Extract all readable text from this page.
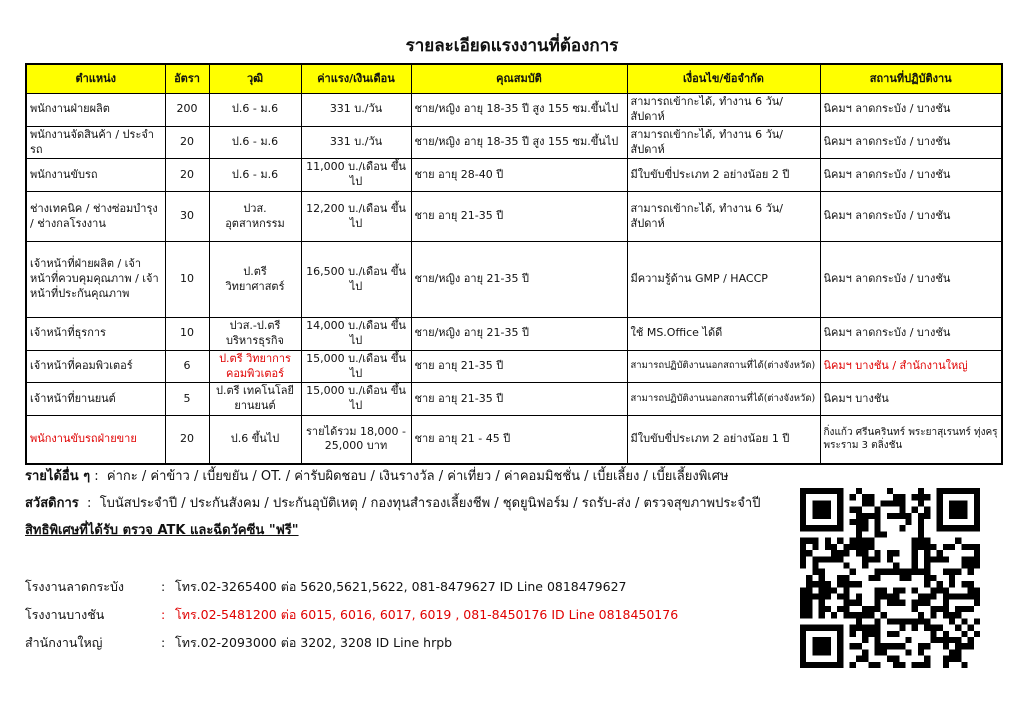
รายละเอียดแรงงานที่ต้องการ
ตำแหน่ง	อัตรา	วุฒิ	ค่าแรง/เงินเดือน	คุณสมบัติ	เงื่อนไข/ข้อจำกัด	สถานที่ปฏิบัติงาน
พนักงานฝ่ายผลิต	200	ป.6 - ม.6	331 บ./วัน	ชาย/หญิง อายุ 18-35 ปี สูง 155 ซม.ขึ้นไป	สามารถเข้ากะได้, ทำงาน 6 วัน/สัปดาห์	นิคมฯ ลาดกระบัง / บางชัน
พนักงานจัดสินค้า / ประจำรถ	20	ป.6 - ม.6	331 บ./วัน	ชาย/หญิง อายุ 18-35 ปี สูง 155 ซม.ขึ้นไป	สามารถเข้ากะได้, ทำงาน 6 วัน/สัปดาห์	นิคมฯ ลาดกระบัง / บางชัน
พนักงานขับรถ	20	ป.6 - ม.6	11,000 บ./เดือน ขึ้นไป	ชาย อายุ 28-40 ปี	มีใบขับขี่ประเภท 2 อย่างน้อย 2 ปี	นิคมฯ ลาดกระบัง / บางชัน
ช่างเทคนิค / ช่างซ่อมบำรุง / ช่างกลโรงงาน	30	ปวส. อุตสาหกรรม	12,200 บ./เดือน ขึ้นไป	ชาย อายุ 21-35 ปี	สามารถเข้ากะได้, ทำงาน 6 วัน/สัปดาห์	นิคมฯ ลาดกระบัง / บางชัน
เจ้าหน้าที่ฝ่ายผลิต / เจ้าหน้าที่ควบคุมคุณภาพ / เจ้าหน้าที่ประกันคุณภาพ	10	ป.ตรี วิทยาศาสตร์	16,500 บ./เดือน ขึ้นไป	ชาย/หญิง อายุ 21-35 ปี	มีความรู้ด้าน GMP / HACCP	นิคมฯ ลาดกระบัง / บางชัน
เจ้าหน้าที่ธุรการ	10	ปวส.-ป.ตรี บริหารธุรกิจ	14,000 บ./เดือน ขึ้นไป	ชาย/หญิง อายุ 21-35 ปี	ใช้ MS.Office ได้ดี	นิคมฯ ลาดกระบัง / บางชัน
เจ้าหน้าที่คอมพิวเตอร์	6	ป.ตรี วิทยาการคอมพิวเตอร์	15,000 บ./เดือน ขึ้นไป	ชาย อายุ 21-35 ปี	สามารถปฏิบัติงานนอกสถานที่ได้(ต่างจังหวัด)	นิคมฯ บางชัน / สำนักงานใหญ่
เจ้าหน้าที่ยานยนต์	5	ป.ตรี เทคโนโลยียานยนต์	15,000 บ./เดือน ขึ้นไป	ชาย อายุ 21-35 ปี	สามารถปฏิบัติงานนอกสถานที่ได้(ต่างจังหวัด)	นิคมฯ บางชัน
พนักงานขับรถฝ่ายขาย	20	ป.6 ขึ้นไป	รายได้รวม 18,000 - 25,000 บาท	ชาย อายุ 21 - 45 ปี	มีใบขับขี่ประเภท 2 อย่างน้อย 1 ปี	กิ่งแก้ว ศรีนครินทร์ พระยาสุเรนทร์ ทุ่งครุ พระราม 3 ตลิ่งชัน
รายได้อื่น ๆ :  ค่ากะ / ค่าข้าว / เบี้ยขยัน / OT. / ค่ารับผิดชอบ / เงินรางวัล / ค่าเที่ยว / ค่าคอมมิชชั่น / เบี้ยเลี้ยง / เบี้ยเลี้ยงพิเศษ
สวัสดิการ  :  โบนัสประจำปี / ประกันสังคม / ประกันอุบัติเหตุ / กองทุนสำรองเลี้ยงชีพ / ชุดยูนิฟอร์ม / รถรับ-ส่ง / ตรวจสุขภาพประจำปี
สิทธิพิเศษที่ได้รับ ตรวจ ATK และฉีดวัคซีน "ฟรี"
โรงงานลาดกระบัง	: โทร.02-3265400 ต่อ 5620,5621,5622, 081-8479627 ID Line 0818479627
โรงงานบางชัน	: โทร.02-5481200 ต่อ 6015, 6016, 6017, 6019 , 081-8450176 ID Line 0818450176
สำนักงานใหญ่	: โทร.02-2093000 ต่อ 3202, 3208 ID Line hrpb
